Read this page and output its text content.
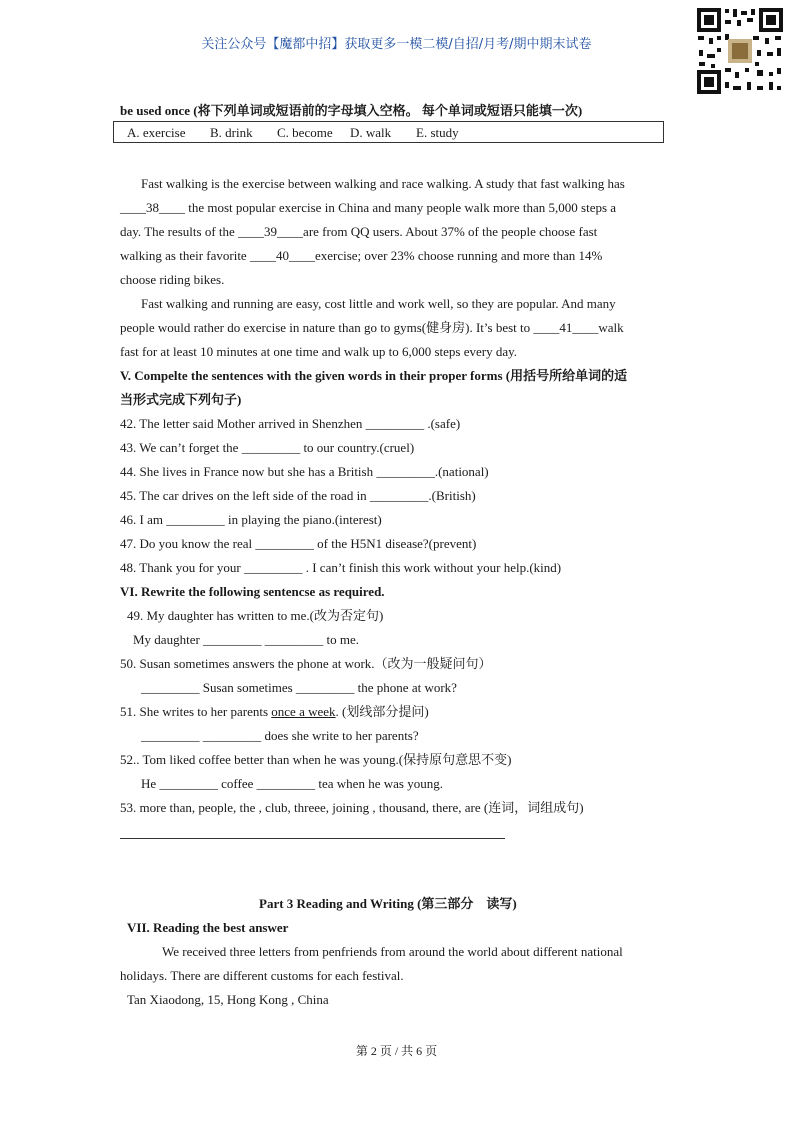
关注公众号【魔都中招】获取更多一模二模/自招/月考/期中期末试卷
be used once (将下列单词或短语前的字母填入空格。 每个单词或短语只能填一次)
A. exercise B. drink C. become D. walk E. study
Fast walking is the exercise between walking and race walking. A study that fast walking has
____38____ the most popular exercise in China and many people walk more than 5,000 steps a
day. The results of the ____39____are from QQ users. About 37% of the people choose fast
walking as their favorite ____40____exercise; over 23% choose running and more than 14%
choose riding bikes.
Fast walking and running are easy, cost little and work well, so they are popular. And many
people would rather do exercise in nature than go to gyms(健身房). It’s best to ____41____walk
fast for at least 10 minutes at one time and walk up to 6,000 steps every day.
V. Compelte the sentences with the given words in their proper forms (用括号所给单词的适
当形式完成下列句子)
42. The letter said Mother arrived in Shenzhen _________ .(safe)
43. We can’t forget the _________ to our country.(cruel)
44. She lives in France now but she has a British _________.(national)
45. The car drives on the left side of the road in _________.(British)
46. I am _________ in playing the piano.(interest)
47. Do you know the real _________ of the H5N1 disease?(prevent)
48. Thank you for your _________ . I can’t finish this work without your help.(kind)
VI. Rewrite the following sentencse as required.
49. My daughter has written to me.(改为否定句)
My daughter _________ _________ to me.
50. Susan sometimes answers the phone at work.（改为一般疑问句）
_________ Susan sometimes _________ the phone at work?
51. She writes to her parents once a week. (划线部分提问)
_________ _________ does she write to her parents?
52.. Tom liked coffee better than when he was young.(保持原句意思不变)
He _________ coffee _________ tea when he was young.
53. more than, people, the , club, threee, joining , thousand, there, are (连词，词组成句)
Part 3 Reading and Writing (第三部分　读写)
VII. Reading the best answer
We received three letters from penfriends from around the world about different national
holidays. There are different customs for each festival.
Tan Xiaodong, 15, Hong Kong , China
第 2 页 / 共 6 页
